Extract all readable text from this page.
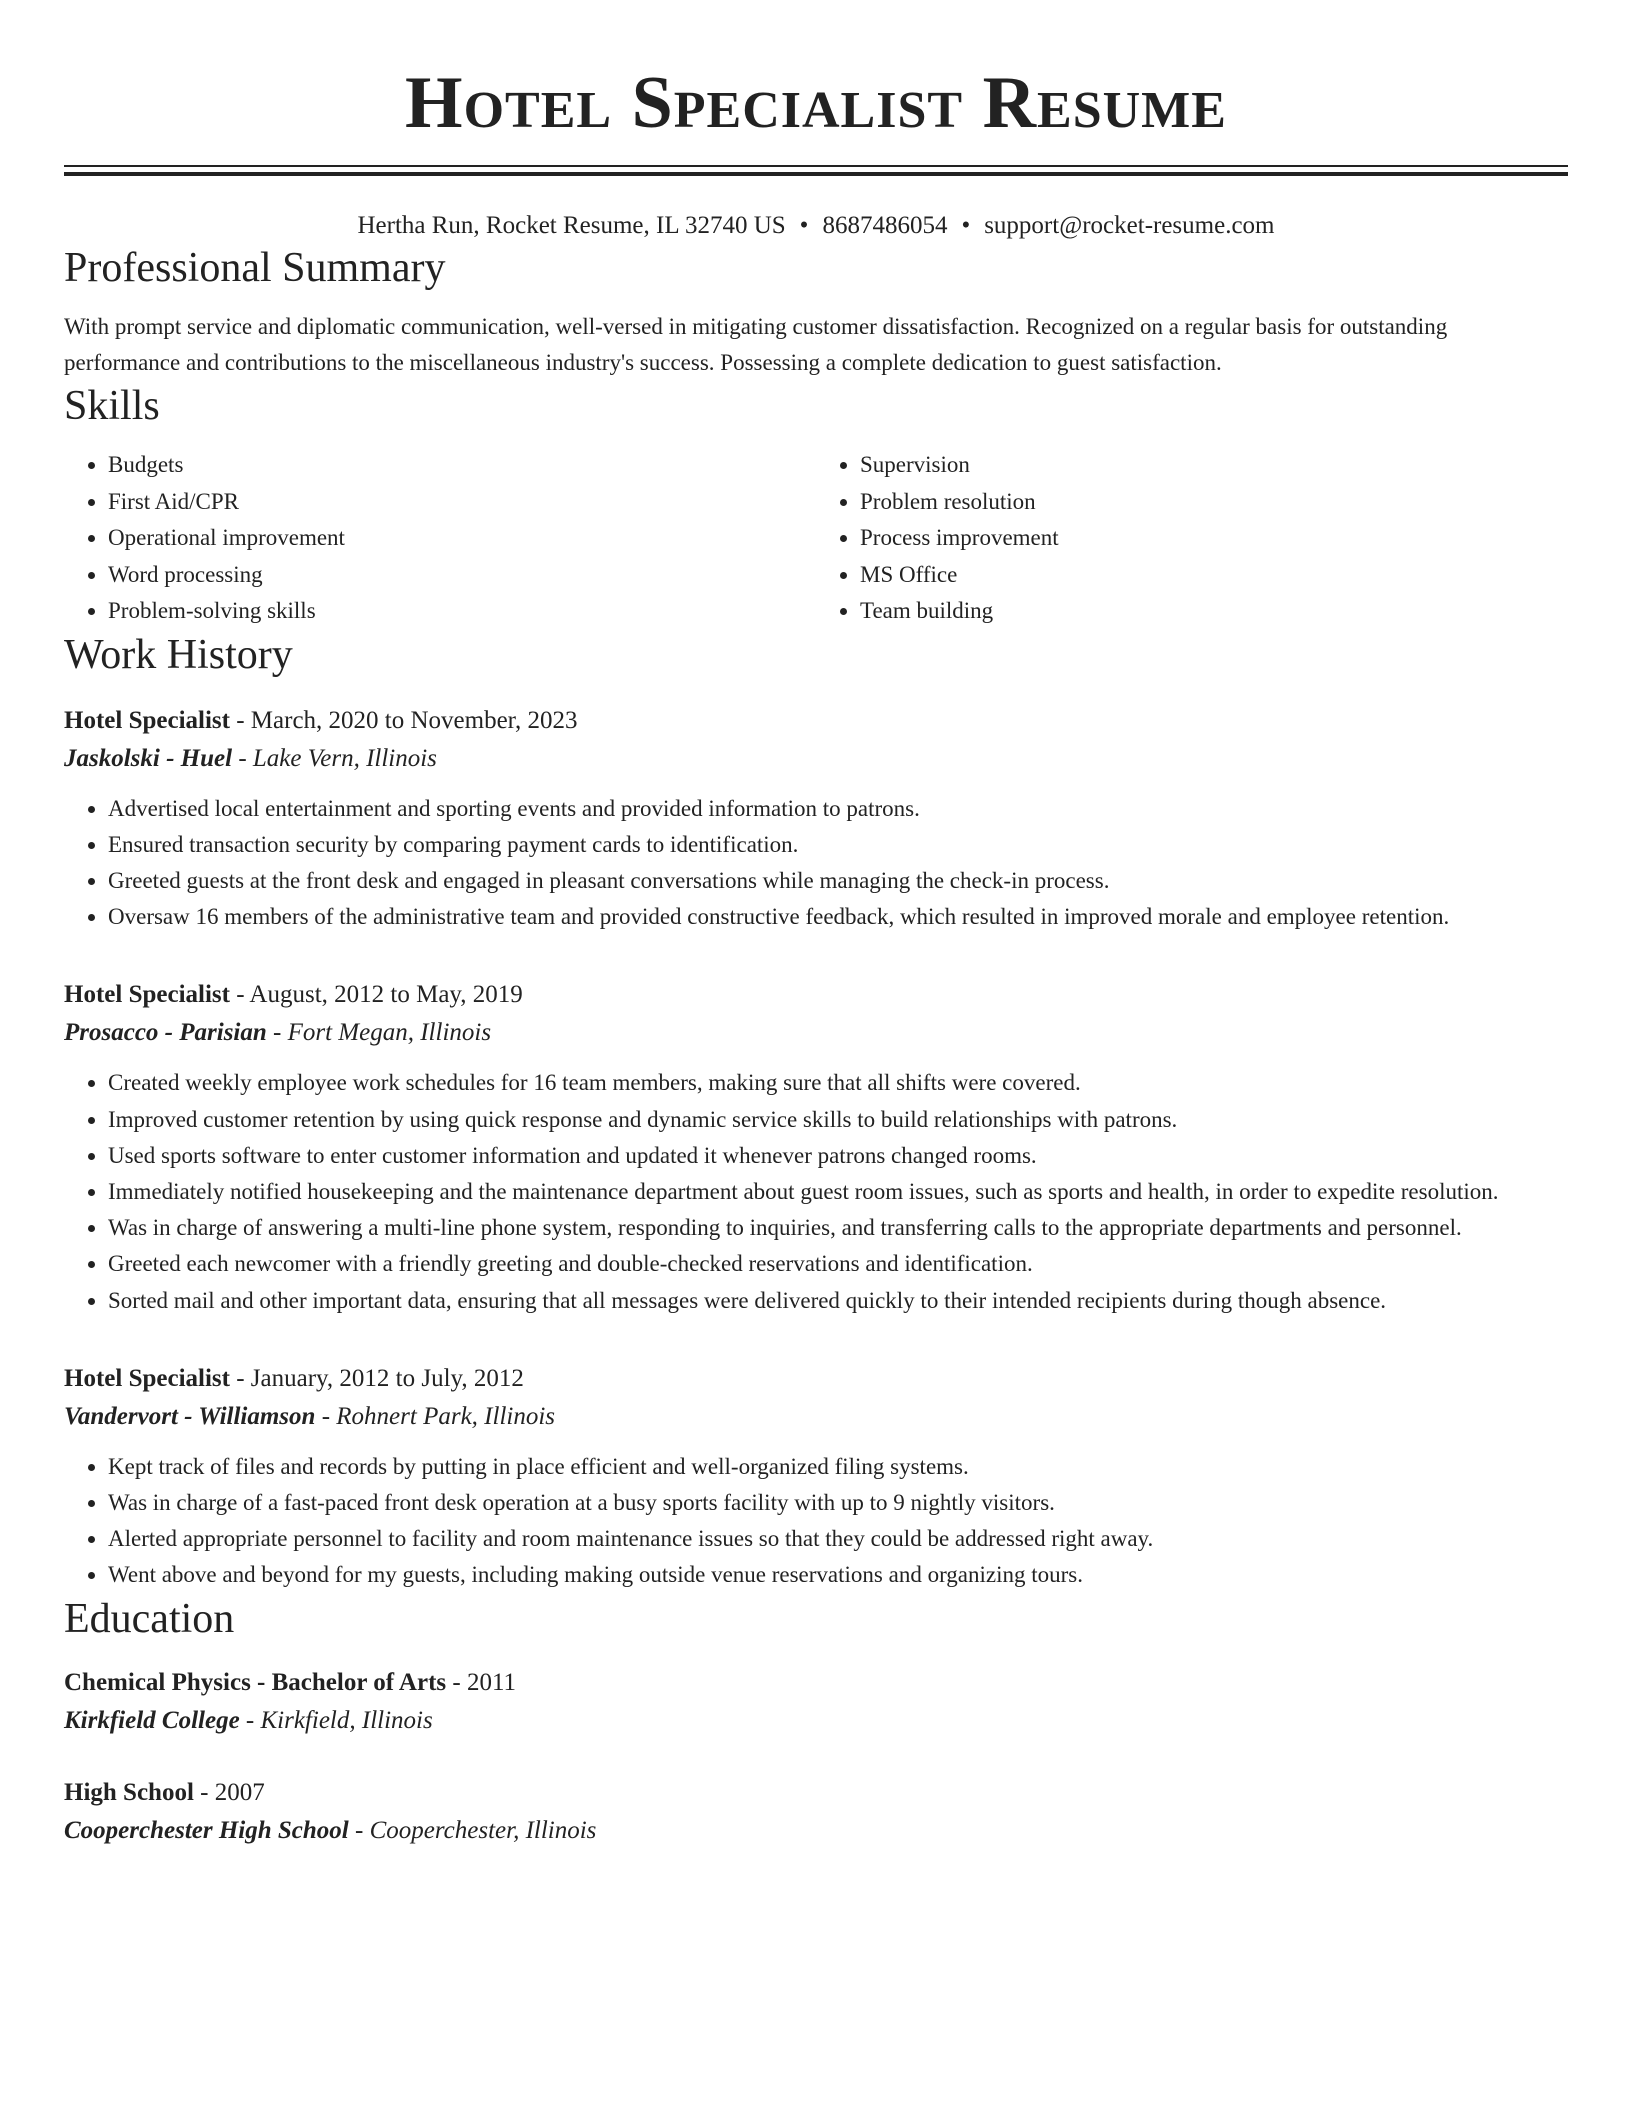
Hotel Specialist Resume
Hertha Run, Rocket Resume, IL 32740 US • 8687486054 • support@rocket-resume.com
Professional Summary

With prompt service and diplomatic communication, well-versed in mitigating customer dissatisfaction. Recognized on a regular basis for outstanding performance and contributions to the miscellaneous industry's success. Possessing a complete dedication to guest satisfaction.

Skills
• Budgets
• First Aid/CPR
• Operational improvement
• Word processing
• Problem-solving skills
• Supervision
• Problem resolution
• Process improvement
• MS Office
• Team building
Work History
Hotel Specialist - March, 2020 to November, 2023
Jaskolski - Huel - Lake Vern, Illinois
• Advertised local entertainment and sporting events and provided information to patrons.
• Ensured transaction security by comparing payment cards to identification.
• Greeted guests at the front desk and engaged in pleasant conversations while managing the check-in process.
• Oversaw 16 members of the administrative team and provided constructive feedback, which resulted in improved morale and employee retention.
Hotel Specialist - August, 2012 to May, 2019
Prosacco - Parisian - Fort Megan, Illinois
• Created weekly employee work schedules for 16 team members, making sure that all shifts were covered.
• Improved customer retention by using quick response and dynamic service skills to build relationships with patrons.
• Used sports software to enter customer information and updated it whenever patrons changed rooms.
• Immediately notified housekeeping and the maintenance department about guest room issues, such as sports and health, in order to expedite resolution.
• Was in charge of answering a multi-line phone system, responding to inquiries, and transferring calls to the appropriate departments and personnel.
• Greeted each newcomer with a friendly greeting and double-checked reservations and identification.
• Sorted mail and other important data, ensuring that all messages were delivered quickly to their intended recipients during though absence.
Hotel Specialist - January, 2012 to July, 2012
Vandervort - Williamson - Rohnert Park, Illinois
• Kept track of files and records by putting in place efficient and well-organized filing systems.
• Was in charge of a fast-paced front desk operation at a busy sports facility with up to 9 nightly visitors.
• Alerted appropriate personnel to facility and room maintenance issues so that they could be addressed right away.
• Went above and beyond for my guests, including making outside venue reservations and organizing tours.
Education
Chemical Physics - Bachelor of Arts - 2011
Kirkfield College - Kirkfield, Illinois
High School - 2007
Cooperchester High School - Cooperchester, Illinois
